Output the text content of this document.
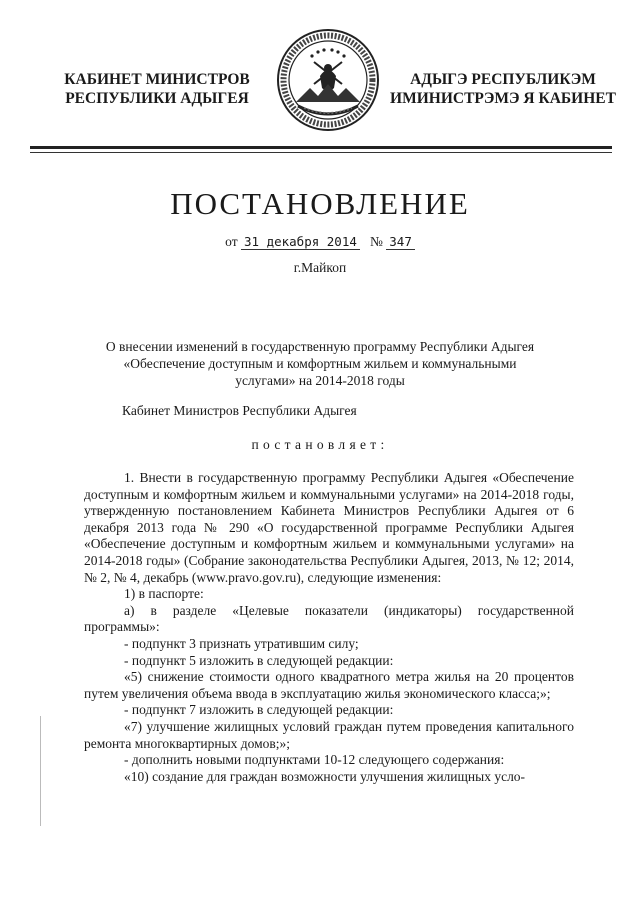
КАБИНЕТ МИНИСТРОВ
РЕСПУБЛИКИ АДЫГЕЯ
АДЫГЭ РЕСПУБЛИКЭМ
ИМИНИСТРЭМЭ Я КАБИНЕТ
ПОСТАНОВЛЕНИЕ
от 31 декабря 2014 № 347
г.Майкоп
О внесении изменений в государственную программу Республики Адыгея
«Обеспечение доступным и комфортным жильем и коммунальными
услугами» на 2014-2018 годы
Кабинет Министров Республики Адыгея
постановляет:

1. Внести в государственную программу Республики Адыгея «Обеспечение доступным и комфортным жильем и коммунальными услугами» на 2014-2018 годы, утвержденную постановлением Кабинета Министров Республики Адыгея от 6 декабря 2013 года № 290 «О государственной программе Республики Адыгея «Обеспечение доступным и комфортным жильем и коммунальными услугами» на 2014-2018 годы» (Собрание законодательства Республики Адыгея, 2013, № 12; 2014, № 2, № 4, декабрь (www.pravo.gov.ru), следующие изменения:

1) в паспорте:

а) в разделе «Целевые показатели (индикаторы) государственной программы»:

- подпункт 3 признать утратившим силу;

- подпункт 5 изложить в следующей редакции:

«5) снижение стоимости одного квадратного метра жилья на 20 процентов путем увеличения объема ввода в эксплуатацию жилья экономического класса;»;

- подпункт 7 изложить в следующей редакции:

«7) улучшение жилищных условий граждан путем проведения капитального ремонта многоквартирных домов;»;

- дополнить новыми подпунктами 10-12 следующего содержания:

«10) создание для граждан возможности улучшения жилищных усло-
